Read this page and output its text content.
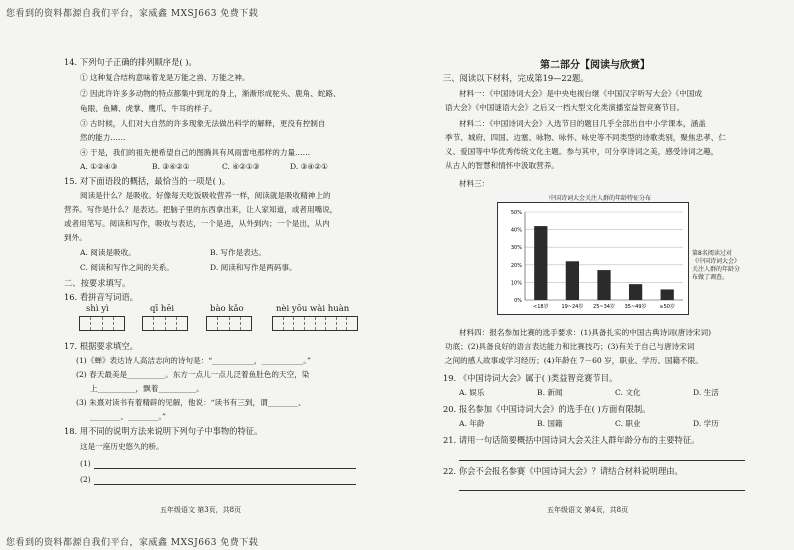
您看到的资料都源自我们平台，家威鑫 MXSJ663 免费下载
您看到的资料都源自我们平台，家威鑫 MXSJ663 免费下载
14. 下列句子正确的排列顺序是( )。
① 这种复合结构意味着龙是万能之兽、万能之神。
② 因此许许多多动物的特点都集中到龙的身上，渐渐形成驼头、鹿角、蛇路、
龟眼、鱼鳞、虎掌、鹰爪、牛耳的样子。
③ 古时候，人们对大自然的许多现象无法做出科学的解释，更没有控制自
然的能力……
④ 于是，我们的祖先便希望自己的图腾具有风雨雷电那样的力量……
A. ①②④③	B. ③④②①	C. ④②①③	D. ③④②①
15. 对下面语段的概括，最恰当的一项是( )。
阅读是什么？是吸收。好像每天吃饭吸收营养一样，阅读就是吸收精神上的
营养。写作是什么？是表达。把脑子里的东西拿出来，让人家知道，或者用嘴说，
或者用笔写。阅读和写作，吸收与表达，一个是进，从外到内；一个是出，从内
到外。
A. 阅读是吸收。	B. 写作是表达。
C. 阅读和写作之间的关系。	D. 阅读和写作是两码事。
二、按要求填写。
16. 看拼音写词语。
shì yì	qī hēi	bào kǎo	nèi yōu wài huàn
17. 根据要求填空。
(1)《蝉》表达诗人高洁志向的诗句是：“___________，___________。”
(2) 春天最美是__________。东方一点儿一点儿泛着鱼肚色的天空，染
上__________，飘着__________。
(3) 朱熹对读书有着精辟的见解，他说：“读书有三到，谓________、
________、________。”
18. 用不同的说明方法来说明下列句子中事物的特征。
这是一座历史悠久的桥。
(1)
(2)
五年级语文 第3页，共8页
第二部分【阅读与欣赏】
三、阅读以下材料，完成第19—22题。
材料一：《中国诗词大会》是中央电视台继《中国汉字听写大会》《中国成
语大会》《中国谜语大会》之后又一档大型文化类演播室益智竞赛节目。
材料二：《中国诗词大会》入选节目的题目几乎全部出自中小学课本，涵盖
季节、城府、四国、边塞、咏物、咏怀、咏史等不同类型的诗歌类别，聚焦忠孝、仁
义、爱国等中华优秀传统文化主题。参与其中，可分享诗词之美，感受诗词之趣，
从古人的智慧和情怀中汲取营养。
材料三：
0%
10%
20%
30%
40%
50%
<18岁	19~24岁 25~34岁 35~49岁	≥50岁
中国诗词大会关注人群的年龄特征分布
第8名阅读过对
《中国诗词大会》
关注人群的年龄分
布做了调查。
材料四：报名参加比赛的选手要求：(1)具备扎实的中国古典诗词(唐诗宋词)
功底；(2)具备良好的语言表达能力和比赛技巧；(3)有关于自己与唐诗宋词
之间的感人故事或学习经历；(4)年龄在 7－60 岁，职业、学历、国籍不限。
19. 《中国诗词大会》属于( )类益智竞赛节目。
A. 娱乐	B. 新闻	C. 文化	D. 生活
20. 报名参加《中国诗词大会》的选手在( )方面有限制。
A. 年龄	B. 国籍	C. 职业	D. 学历
21. 请用一句话简要概括中国诗词大会关注人群年龄分布的主要特征。
22. 你会不会报名参赛《中国诗词大会》？请结合材料说明理由。
五年级语文 第4页，共8页
